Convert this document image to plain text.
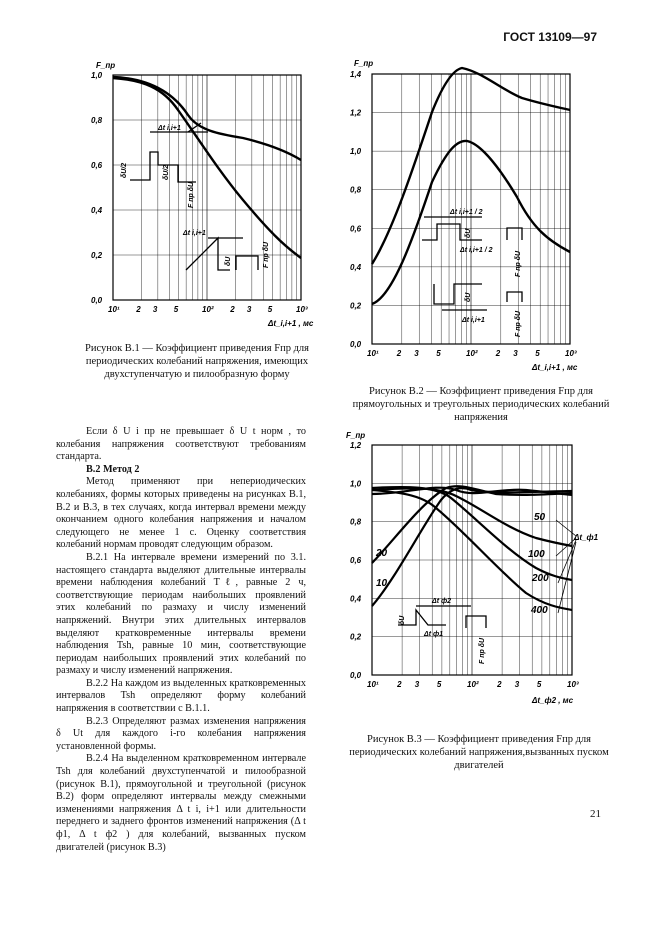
ГОСТ 13109—97
F_пр
1,0
0,8
0,6
0,4
0,2
0,0
10¹ 2 3 5	10² 2 3 5	10³
Δt_i,i+1 , мс
δU/2	δU/2
Δt i,i+1
F пр δU
Δt i,i+1
δU	F пр δU
Рисунок В.1 — Коэффициент приведения Fпр для периодических колебаний напряжения, имеющих двухступенчатую и пилообразную форму
F_пр
1,4
1,2
1,0
0,8
0,6
0,4
0,2
0,0
10¹ 2 3 5	10² 2 3 5	10³
Δt_i,i+1 , мс
Δt i,i+1 / 2
Δt i,i+1 / 2
δU
F пр δU
Δt i,i+1
δU
F пр δU
Рисунок В.2 — Коэффициент приведения Fпр для прямоугольных и треугольных периодических колебаний напряжения
F_пр
1,2
1,0
0,8
0,6
0,4
0,2
0,0
10¹ 2 3 5	10² 2 3 5	10³
Δt_ф2 , мс
50
100
200
400
20
10
Δt_ф1
Δt ф2
Δt ф1
δU
F пр δU
Рисунок В.3 — Коэффициент приведения Fпр для периодических колебаний напряжения,вызванных пуском двигателей

Если δ U i пр не превышает δ U t норм , то колебания напряжения соответствуют требованиям стандарта.

В.2 Метод 2

Метод применяют при непериодических колебаниях, формы которых приведены на рисунках В.1, В.2 и В.3, в тех случаях, когда интервал времени между окончанием одного колебания напряжения и началом следующего не менее 1 с. Оценку соответствия колебаний нормам проводят следующим образом.

В.2.1 На интервале времени измерений по 3.1. настоящего стандарта выделяют длительные интервалы времени наблюдения колебаний Tℓ, равные 2 ч, соответствующие периодам наибольших проявлений этих колебаний по размаху и числу изменений напряжений. Внутри этих длительных интервалов выделяют кратковременные интервалы времени наблюдения Tsh, равные 10 мин, соответствующие периодам наибольших проявлений этих колебаний по размаху и числу изменений напряжения.

В.2.2 На каждом из выделенных кратковременных интервалов Tsh определяют форму колебаний напряжения в соответствии с В.1.1.

В.2.3 Определяют размах изменения напряжения δ Ut для каждого i-го колебания напряжения установленной формы.

В.2.4 На выделенном кратковременном интервале Tsh для колебаний двухступенчатой и пилообразной (рисунок В.1), прямоугольной и треугольной (рисунок В.2) форм определяют интервалы между смежными изменениями напряжения Δ t i, i+1 или длительности переднего и заднего фронтов изменений напряжения (Δ t ф1, Δ t ф2 ) для колебаний, вызванных пуском двигателей (рисунок В.3)

21
